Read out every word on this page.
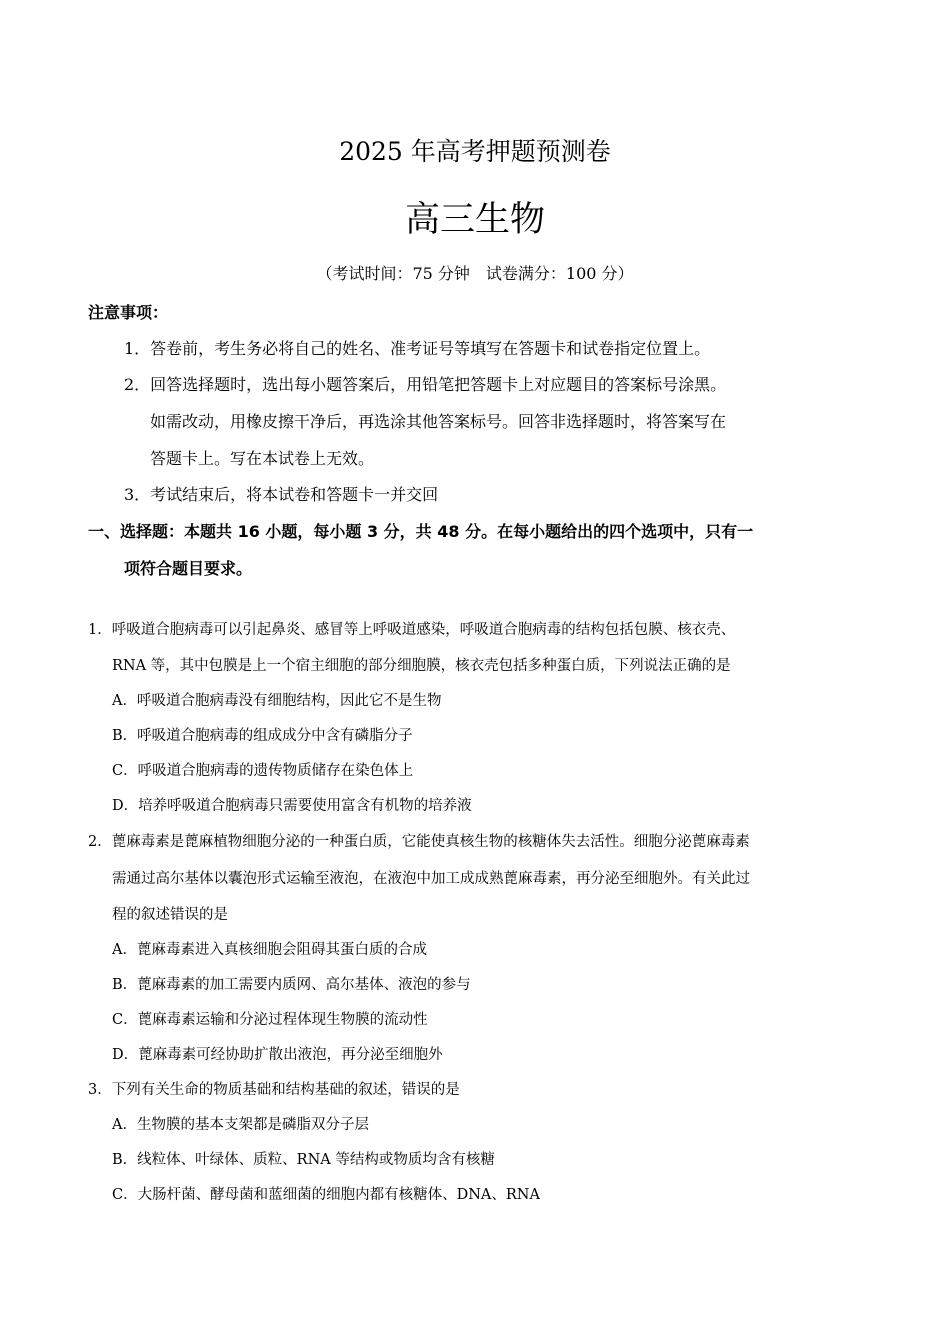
2025 年高考押题预测卷
高三生物
（考试时间：75 分钟　试卷满分：100 分）
注意事项：
1．答卷前，考生务必将自己的姓名、准考证号等填写在答题卡和试卷指定位置上。
2．回答选择题时，选出每小题答案后，用铅笔把答题卡上对应题目的答案标号涂黑。
如需改动，用橡皮擦干净后，再选涂其他答案标号。回答非选择题时，将答案写在
答题卡上。写在本试卷上无效。
3．考试结束后，将本试卷和答题卡一并交回
一、选择题：本题共 16 小题，每小题 3 分，共 48 分。在每小题给出的四个选项中，只有一
项符合题目要求。
1．呼吸道合胞病毒可以引起鼻炎、感冒等上呼吸道感染，呼吸道合胞病毒的结构包括包膜、核衣壳、
RNA 等，其中包膜是上一个宿主细胞的部分细胞膜，核衣壳包括多种蛋白质，下列说法正确的是
A．呼吸道合胞病毒没有细胞结构，因此它不是生物
B．呼吸道合胞病毒的组成成分中含有磷脂分子
C．呼吸道合胞病毒的遗传物质储存在染色体上
D．培养呼吸道合胞病毒只需要使用富含有机物的培养液
2．蓖麻毒素是蓖麻植物细胞分泌的一种蛋白质，它能使真核生物的核糖体失去活性。细胞分泌蓖麻毒素
需通过高尔基体以囊泡形式运输至液泡，在液泡中加工成成熟蓖麻毒素，再分泌至细胞外。有关此过
程的叙述错误的是
A．蓖麻毒素进入真核细胞会阻碍其蛋白质的合成
B．蓖麻毒素的加工需要内质网、高尔基体、液泡的参与
C．蓖麻毒素运输和分泌过程体现生物膜的流动性
D．蓖麻毒素可经协助扩散出液泡，再分泌至细胞外
3．下列有关生命的物质基础和结构基础的叙述，错误的是
A．生物膜的基本支架都是磷脂双分子层
B．线粒体、叶绿体、质粒、RNA 等结构或物质均含有核糖
C．大肠杆菌、酵母菌和蓝细菌的细胞内都有核糖体、DNA、RNA
